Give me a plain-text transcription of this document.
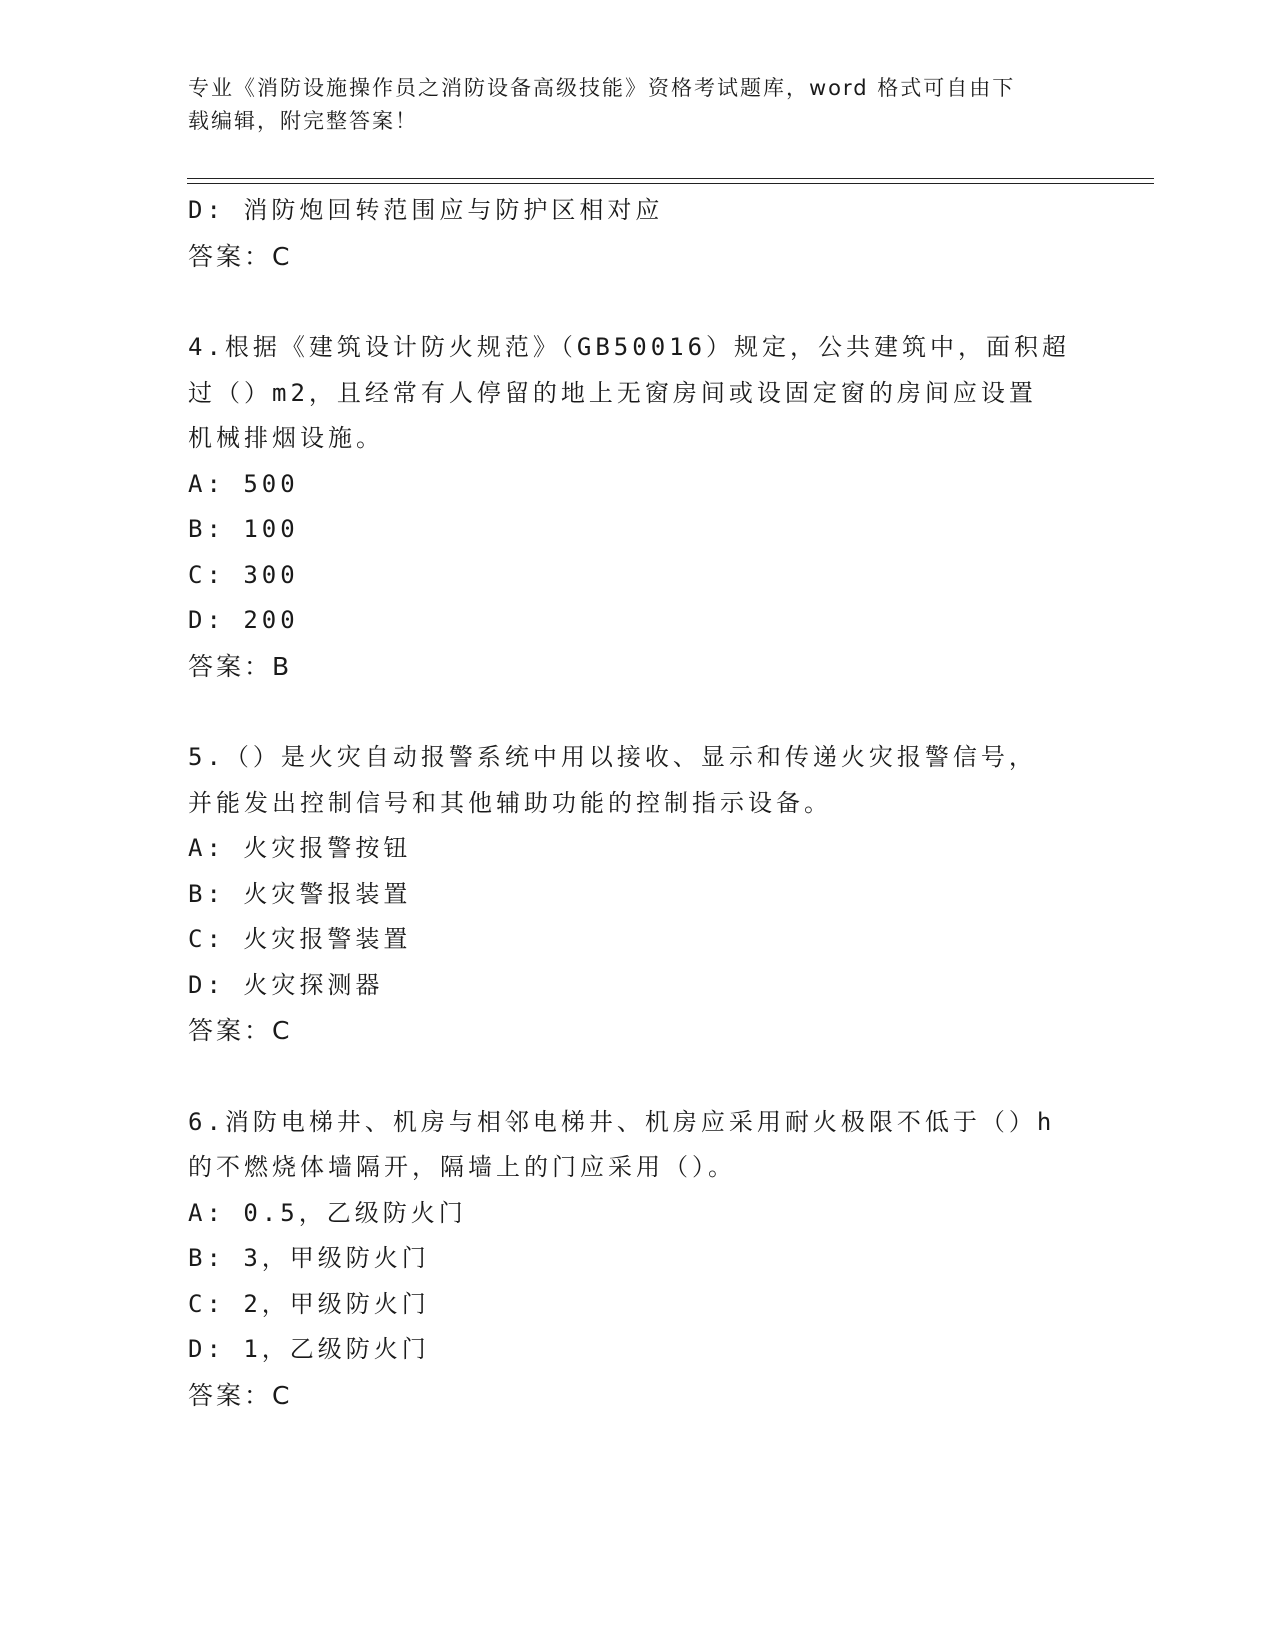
专业《消防设施操作员之消防设备高级技能》资格考试题库，word 格式可自由下
载编辑，附完整答案！
D: 消防炮回转范围应与防护区相对应
答案：C
4.根据《建筑设计防火规范》（GB50016）规定，公共建筑中，面积超
过（）m2，且经常有人停留的地上无窗房间或设固定窗的房间应设置
机械排烟设施。
A: 500
B: 100
C: 300
D: 200
答案：B
5.（）是火灾自动报警系统中用以接收、显示和传递火灾报警信号，
并能发出控制信号和其他辅助功能的控制指示设备。
A: 火灾报警按钮
B: 火灾警报装置
C: 火灾报警装置
D: 火灾探测器
答案：C
6.消防电梯井、机房与相邻电梯井、机房应采用耐火极限不低于（）h
的不燃烧体墙隔开，隔墙上的门应采用（）。
A: 0.5，乙级防火门
B: 3，甲级防火门
C: 2，甲级防火门
D: 1，乙级防火门
答案：C
